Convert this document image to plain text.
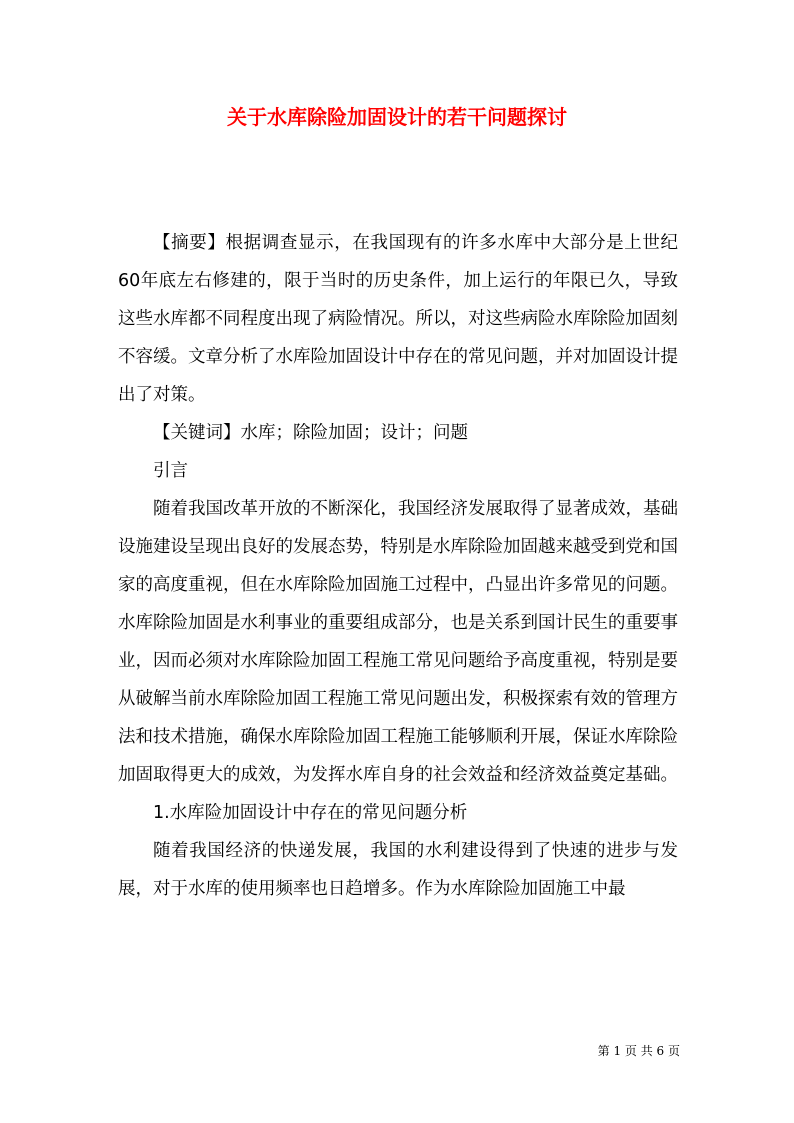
关于水库除险加固设计的若干问题探讨

【摘要】根据调查显示，在我国现有的许多水库中大部分是上世纪60年底左右修建的，限于当时的历史条件，加上运行的年限已久，导致这些水库都不同程度出现了病险情况。所以，对这些病险水库除险加固刻不容缓。文章分析了水库险加固设计中存在的常见问题，并对加固设计提出了对策。

【关键词】水库；除险加固；设计；问题

引言

随着我国改革开放的不断深化，我国经济发展取得了显著成效，基础设施建设呈现出良好的发展态势，特别是水库除险加固越来越受到党和国家的高度重视，但在水库除险加固施工过程中，凸显出许多常见的问题。水库除险加固是水利事业的重要组成部分，也是关系到国计民生的重要事业，因而必须对水库除险加固工程施工常见问题给予高度重视，特别是要从破解当前水库除险加固工程施工常见问题出发，积极探索有效的管理方法和技术措施，确保水库除险加固工程施工能够顺利开展，保证水库除险加固取得更大的成效，为发挥水库自身的社会效益和经济效益奠定基础。

1.水库险加固设计中存在的常见问题分析

随着我国经济的快递发展，我国的水利建设得到了快速的进步与发展，对于水库的使用频率也日趋增多。作为水库除险加固施工中最

第 1 页 共 6 页
